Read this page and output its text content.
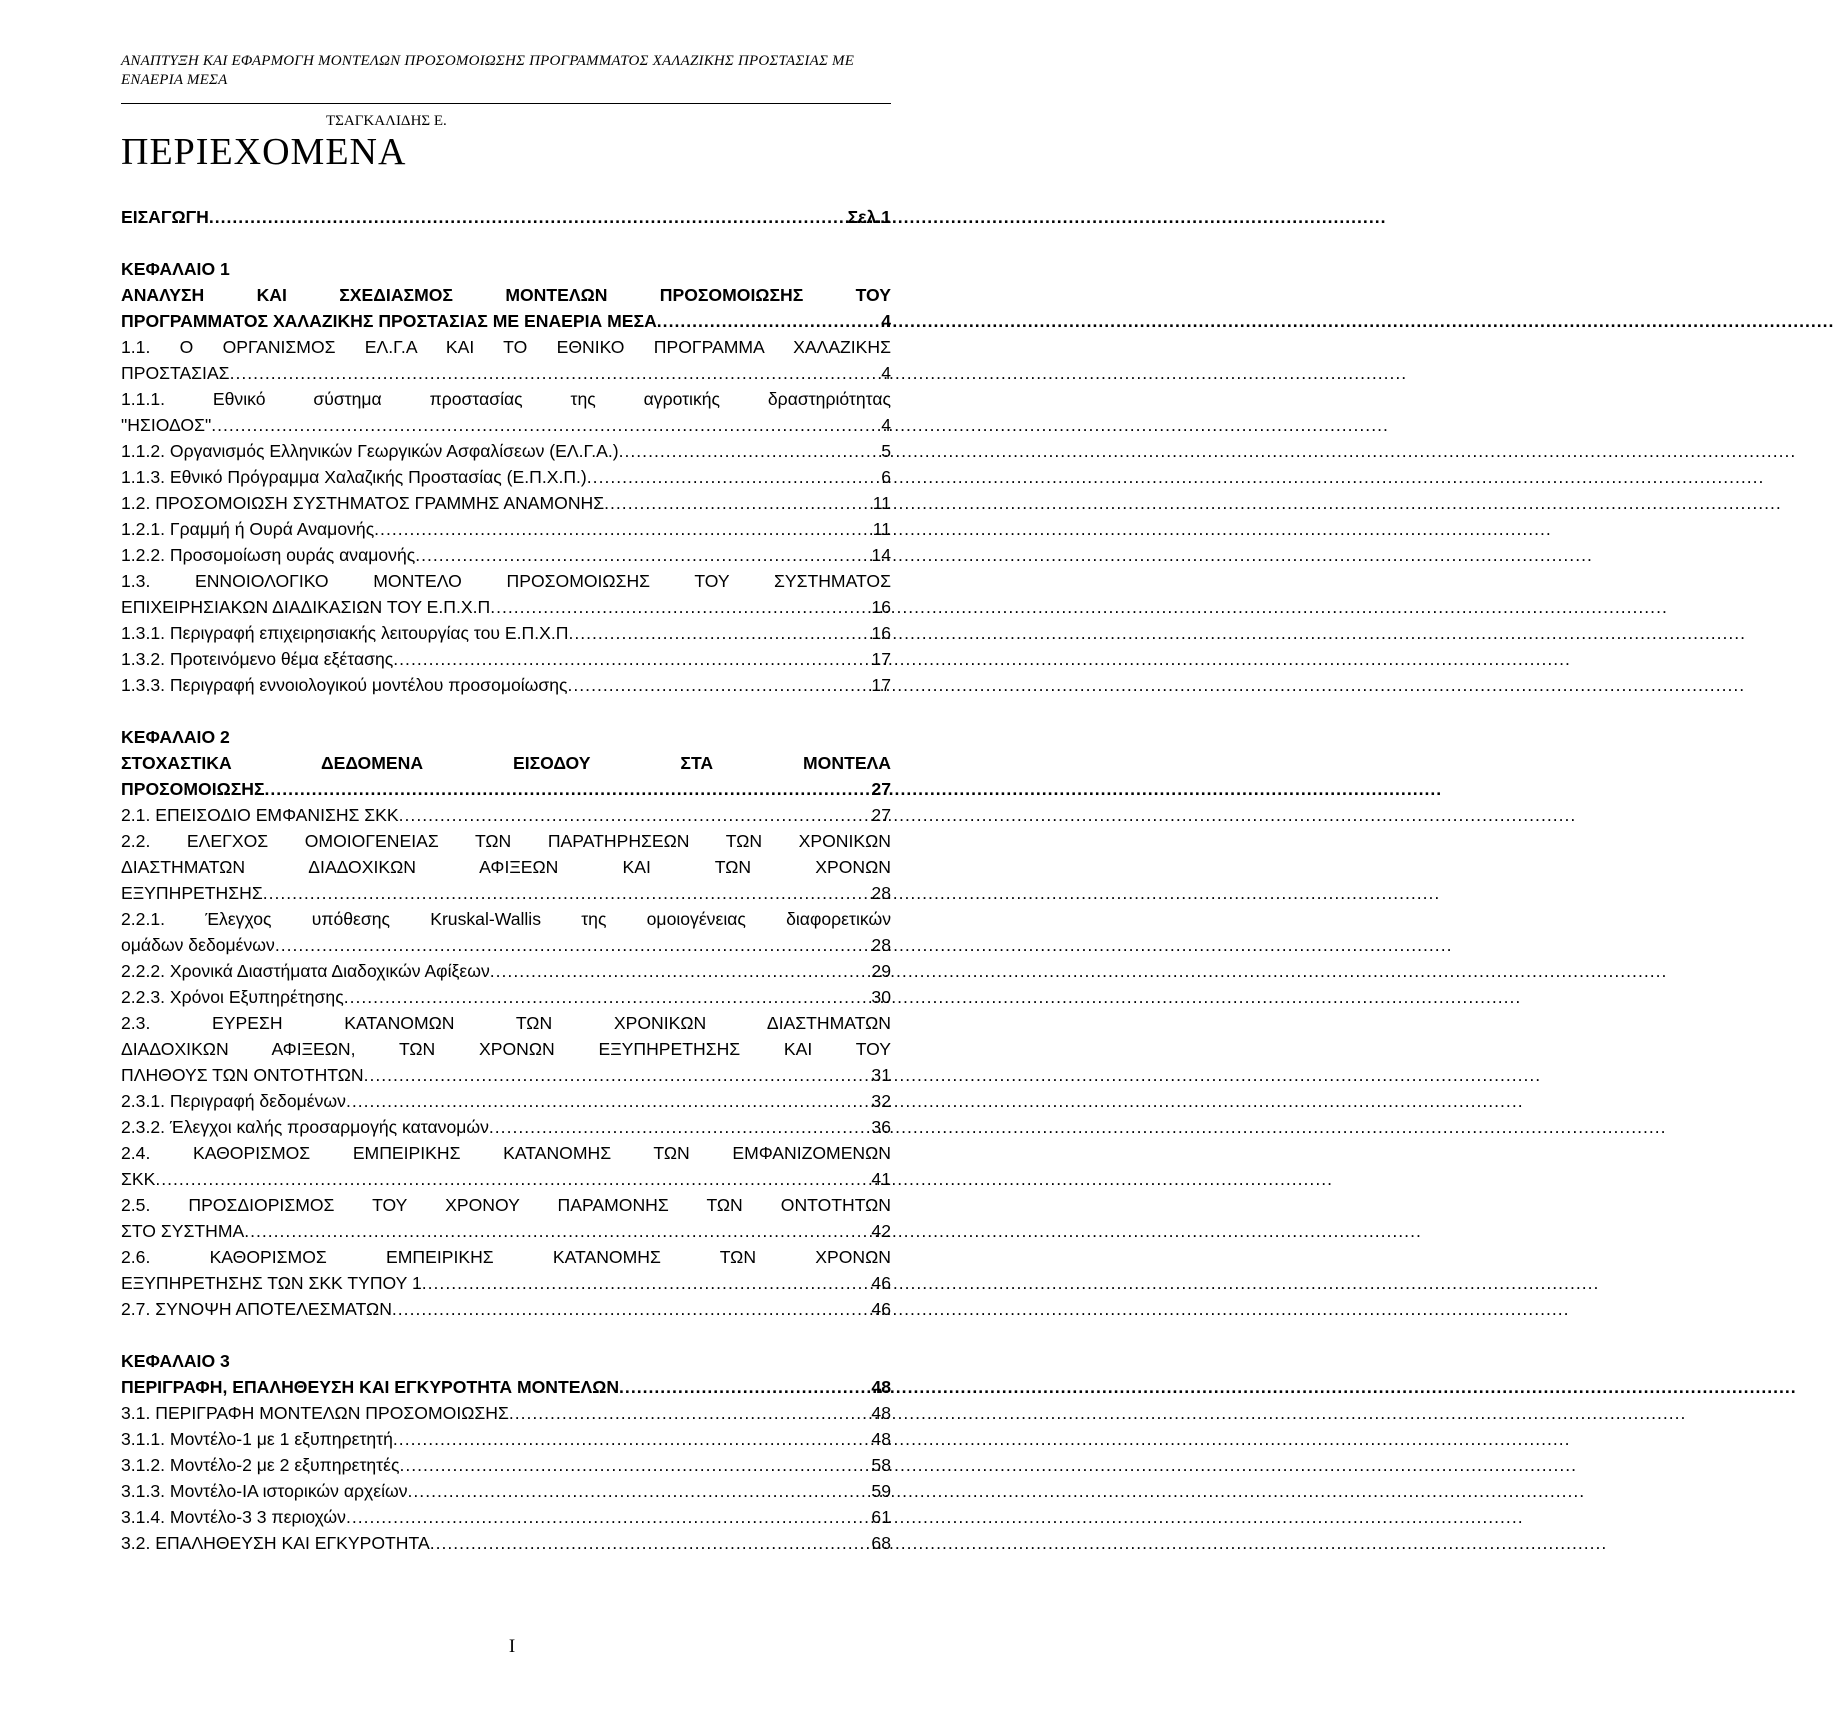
ΑΝΑΠΤΥΞΗ ΚΑΙ ΕΦΑΡΜΟΓΗ ΜΟΝΤΕΛΩΝ ΠΡΟΣΟΜΟΙΩΣΗΣ ΠΡΟΓΡΑΜΜΑΤΟΣ ΧΑΛΑΖΙΚΗΣ ΠΡΟΣΤΑΣΙΑΣ ΜΕ
ΕΝΑΕΡΙΑ ΜΕΣΑ
ΤΣΑΓΚΑΛΙΔΗΣ Ε.
ΠΕΡΙΕΧΟΜΕΝΑ
ΕΙΣΑΓΩΓΗ .....	Σελ.1
ΚΕΦΑΛΑΙΟ 1
ΑΝΑΛΥΣΗ ΚΑΙ ΣΧΕΔΙΑΣΜΟΣ ΜΟΝΤΕΛΩΝ ΠΡΟΣΟΜΟΙΩΣΗΣ ΤΟΥ
ΠΡΟΓΡΑΜΜΑΤΟΣ ΧΑΛΑΖΙΚΗΣ ΠΡΟΣΤΑΣΙΑΣ ΜΕ ΕΝΑΕΡΙΑ ΜΕΣΑ .....	4
1.1. Ο ΟΡΓΑΝΙΣΜΟΣ ΕΛ.Γ.Α ΚΑΙ ΤΟ ΕΘΝΙΚΟ ΠΡΟΓΡΑΜΜΑ ΧΑΛΑΖΙΚΗΣ
ΠΡΟΣΤΑΣΙΑΣ .....	4
1.1.1. Εθνικό σύστημα προστασίας της αγροτικής δραστηριότητας
"ΗΣΙΟΔΟΣ" .....	4
1.1.2. Οργανισμός Ελληνικών Γεωργικών Ασφαλίσεων (ΕΛ.Γ.Α.) .....	5
1.1.3. Εθνικό Πρόγραμμα Χαλαζικής Προστασίας (Ε.Π.Χ.Π.) .....	6
1.2. ΠΡΟΣΟΜΟΙΩΣΗ ΣΥΣΤΗΜΑΤΟΣ ΓΡΑΜΜΗΣ ΑΝΑΜΟΝΗΣ .....	11
1.2.1. Γραμμή ή Ουρά Αναμονής .....	11
1.2.2. Προσομοίωση ουράς αναμονής .....	14
1.3. ΕΝΝΟΙΟΛΟΓΙΚΟ ΜΟΝΤΕΛΟ ΠΡΟΣΟΜΟΙΩΣΗΣ ΤΟΥ ΣΥΣΤΗΜΑΤΟΣ
ΕΠΙΧΕΙΡΗΣΙΑΚΩΝ ΔΙΑΔΙΚΑΣΙΩΝ ΤΟΥ Ε.Π.Χ.Π .....	16
1.3.1. Περιγραφή επιχειρησιακής λειτουργίας του Ε.Π.Χ.Π .....	16
1.3.2. Προτεινόμενο θέμα εξέτασης .....	17
1.3.3. Περιγραφή εννοιολογικού μοντέλου προσομοίωσης .....	17
ΚΕΦΑΛΑΙΟ 2
ΣΤΟΧΑΣΤΙΚΑ ΔΕΔΟΜΕΝΑ ΕΙΣΟΔΟΥ ΣΤΑ ΜΟΝΤΕΛΑ
ΠΡΟΣΟΜΟΙΩΣΗΣ .....	27
2.1. ΕΠΕΙΣΟΔΙΟ ΕΜΦΑΝΙΣΗΣ ΣΚΚ .....	27
2.2. ΕΛΕΓΧΟΣ ΟΜΟΙΟΓΕΝΕΙΑΣ ΤΩΝ ΠΑΡΑΤΗΡΗΣΕΩΝ ΤΩΝ ΧΡΟΝΙΚΩΝ
ΔΙΑΣΤΗΜΑΤΩΝ ΔΙΑΔΟΧΙΚΩΝ ΑΦΙΞΕΩΝ ΚΑΙ ΤΩΝ ΧΡΟΝΩΝ
ΕΞΥΠΗΡΕΤΗΣΗΣ .....	28
2.2.1. Έλεγχος υπόθεσης Kruskal-Wallis της ομοιογένειας διαφορετικών
ομάδων δεδομένων .....	28
2.2.2. Χρονικά Διαστήματα Διαδοχικών Αφίξεων .....	29
2.2.3. Χρόνοι Εξυπηρέτησης .....	30
2.3. ΕΥΡΕΣΗ ΚΑΤΑΝΟΜΩΝ ΤΩΝ ΧΡΟΝΙΚΩΝ ΔΙΑΣΤΗΜΑΤΩΝ
ΔΙΑΔΟΧΙΚΩΝ ΑΦΙΞΕΩΝ, ΤΩΝ ΧΡΟΝΩΝ ΕΞΥΠΗΡΕΤΗΣΗΣ ΚΑΙ ΤΟΥ
ΠΛΗΘΟΥΣ ΤΩΝ ΟΝΤΟΤΗΤΩΝ .....	31
2.3.1. Περιγραφή δεδομένων .....	32
2.3.2. Έλεγχοι καλής προσαρμογής κατανομών .....	36
2.4. ΚΑΘΟΡΙΣΜΟΣ ΕΜΠΕΙΡΙΚΗΣ ΚΑΤΑΝΟΜΗΣ ΤΩΝ ΕΜΦΑΝΙΖΟΜΕΝΩΝ
ΣΚΚ .....	41
2.5. ΠΡΟΣΔΙΟΡΙΣΜΟΣ ΤΟΥ ΧΡΟΝΟΥ ΠΑΡΑΜΟΝΗΣ ΤΩΝ ΟΝΤΟΤΗΤΩΝ
ΣΤΟ ΣΥΣΤΗΜΑ .....	42
2.6. ΚΑΘΟΡΙΣΜΟΣ ΕΜΠΕΙΡΙΚΗΣ ΚΑΤΑΝΟΜΗΣ ΤΩΝ ΧΡΟΝΩΝ
ΕΞΥΠΗΡΕΤΗΣΗΣ ΤΩΝ ΣΚΚ ΤΥΠΟΥ 1 .....	46
2.7. ΣΥΝΟΨΗ ΑΠΟΤΕΛΕΣΜΑΤΩΝ .....	46
ΚΕΦΑΛΑΙΟ 3
ΠΕΡΙΓΡΑΦΗ, ΕΠΑΛΗΘΕΥΣΗ ΚΑΙ ΕΓΚΥΡΟΤΗΤΑ ΜΟΝΤΕΛΩΝ .....	48
3.1. ΠΕΡΙΓΡΑΦΗ ΜΟΝΤΕΛΩΝ ΠΡΟΣΟΜΟΙΩΣΗΣ .....	48
3.1.1. Μοντέλο-1 με 1 εξυπηρετητή .....	48
3.1.2. Μοντέλο-2 με 2 εξυπηρετητές .....	58
3.1.3. Μοντέλο-ΙΑ ιστορικών αρχείων .....	59
3.1.4. Μοντέλο-3 3 περιοχών .....	61
3.2. ΕΠΑΛΗΘΕΥΣΗ ΚΑΙ ΕΓΚΥΡΟΤΗΤΑ .....	68
I
